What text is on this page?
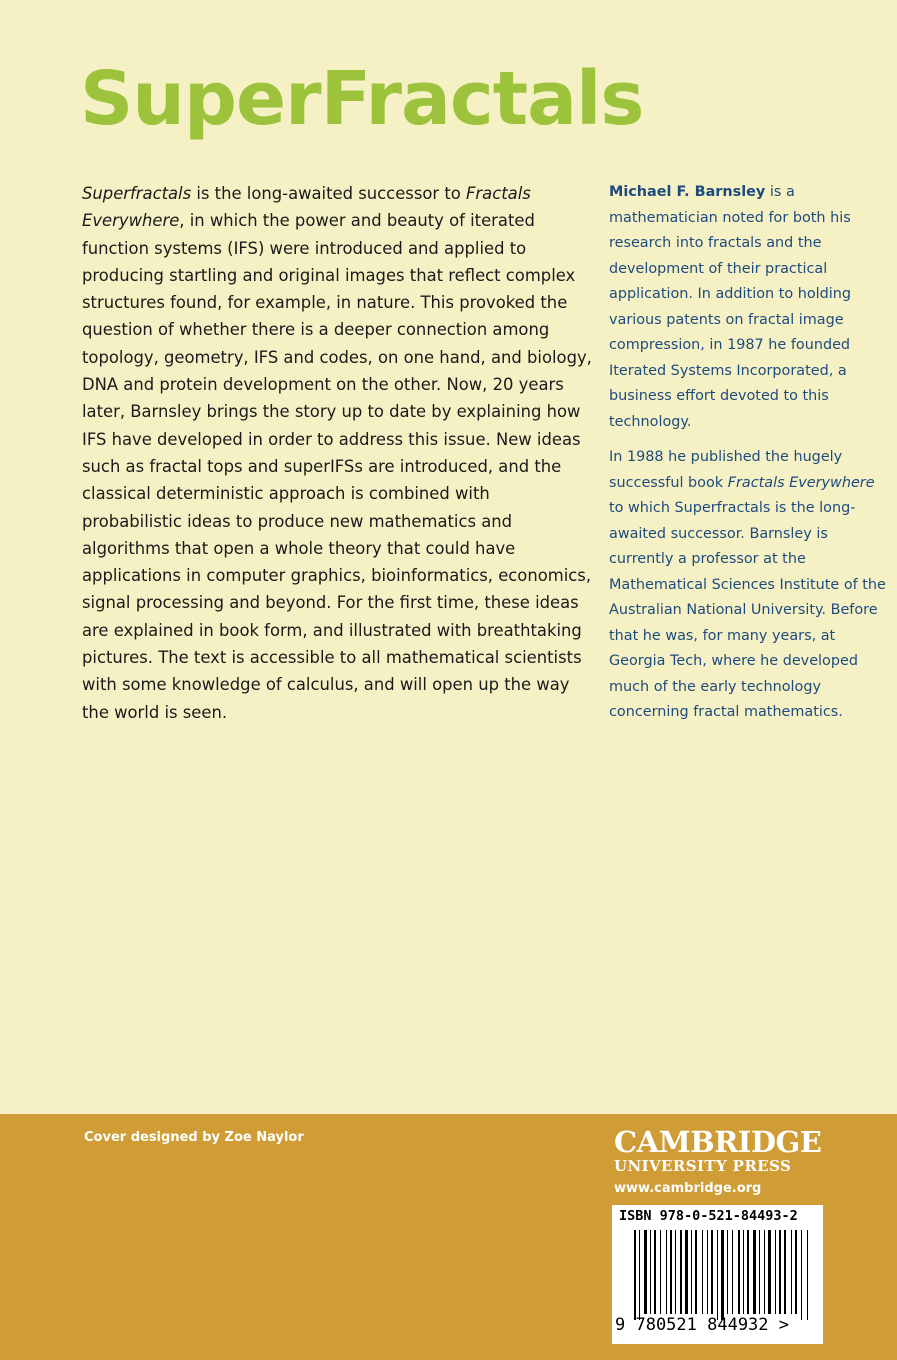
SuperFractals

Superfractals is the long-awaited successor to Fractals Everywhere, in which the power and beauty of iterated function systems (IFS) were introduced and applied to producing startling and original images that reflect complex structures found, for example, in nature. This provoked the question of whether there is a deeper connection among topology, geometry, IFS and codes, on one hand, and biology, DNA and protein development on the other. Now, 20 years later, Barnsley brings the story up to date by explaining how IFS have developed in order to address this issue. New ideas such as fractal tops and superIFSs are introduced, and the classical deterministic approach is combined with probabilistic ideas to produce new mathematics and algorithms that open a whole theory that could have applications in computer graphics, bioinformatics, economics, signal processing and beyond. For the first time, these ideas are explained in book form, and illustrated with breathtaking pictures. The text is accessible to all mathematical scientists with some knowledge of calculus, and will open up the way the world is seen.

Michael F. Barnsley is a mathematician noted for both his research into fractals and the development of their practical application. In addition to holding various patents on fractal image compression, in 1987 he founded Iterated Systems Incorporated, a business effort devoted to this technology.

In 1988 he published the hugely successful book Fractals Everywhere to which Superfractals is the long-awaited successor. Barnsley is currently a professor at the Mathematical Sciences Institute of the Australian National University. Before that he was, for many years, at Georgia Tech, where he developed much of the early technology concerning fractal mathematics.

Cover designed by Zoe Naylor	CAMBRIDGE
UNIVERSITY PRESS
www.cambridge.org
ISBN 978-0-521-84493-2
9 780521 844932 >
